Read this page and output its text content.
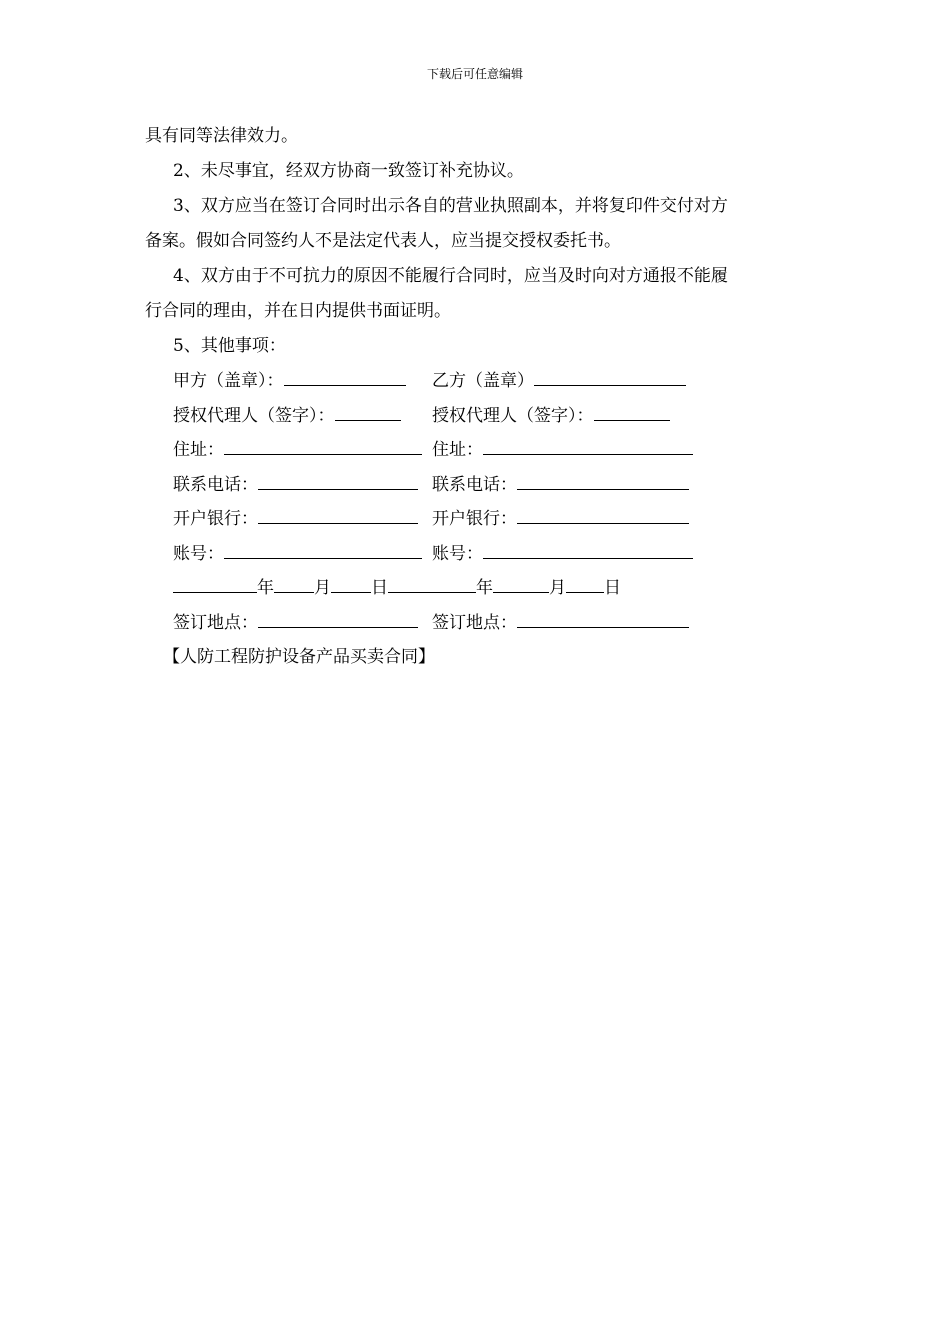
下载后可任意编辑

具有同等法律效力。

2、未尽事宜，经双方协商一致签订补充协议。

3、双方应当在签订合同时出示各自的营业执照副本，并将复印件交付对方

备案。假如合同签约人不是法定代表人，应当提交授权委托书。

4、双方由于不可抗力的原因不能履行合同时，应当及时向对方通报不能履

行合同的理由，并在日内提供书面证明。

5、其他事项：

甲方（盖章）：	乙方（盖章）
授权代理人（签字）：	授权代理人（签字）：
住址：	住址：
联系电话：	联系电话：
开户银行：	开户银行：
账号：	账号：
年 月 日	年	月 日
签订地点：	签订地点：
【人防工程防护设备产品买卖合同】
